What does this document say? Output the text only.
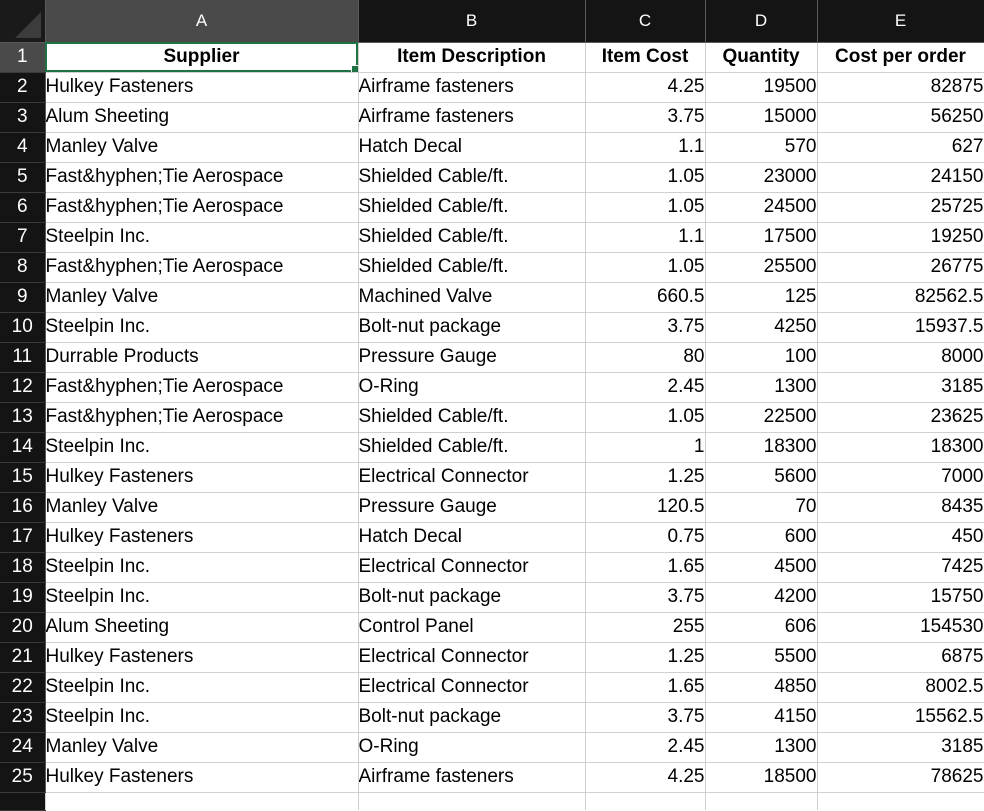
	A	B	C	D	E
1	Supplier	Item Description	Item Cost	Quantity	Cost per order
2	Hulkey Fasteners	Airframe fasteners	4.25	19500	82875
3	Alum Sheeting	Airframe fasteners	3.75	15000	56250
4	Manley Valve	Hatch Decal	1.1	570	627
5	Fast&hyphen;Tie Aerospace	Shielded Cable/ft.	1.05	23000	24150
6	Fast&hyphen;Tie Aerospace	Shielded Cable/ft.	1.05	24500	25725
7	Steelpin Inc.	Shielded Cable/ft.	1.1	17500	19250
8	Fast&hyphen;Tie Aerospace	Shielded Cable/ft.	1.05	25500	26775
9	Manley Valve	Machined Valve	660.5	125	82562.5
10	Steelpin Inc.	Bolt-nut package	3.75	4250	15937.5
11	Durrable Products	Pressure Gauge	80	100	8000
12	Fast&hyphen;Tie Aerospace	O-Ring	2.45	1300	3185
13	Fast&hyphen;Tie Aerospace	Shielded Cable/ft.	1.05	22500	23625
14	Steelpin Inc.	Shielded Cable/ft.	1	18300	18300
15	Hulkey Fasteners	Electrical Connector	1.25	5600	7000
16	Manley Valve	Pressure Gauge	120.5	70	8435
17	Hulkey Fasteners	Hatch Decal	0.75	600	450
18	Steelpin Inc.	Electrical Connector	1.65	4500	7425
19	Steelpin Inc.	Bolt-nut package	3.75	4200	15750
20	Alum Sheeting	Control Panel	255	606	154530
21	Hulkey Fasteners	Electrical Connector	1.25	5500	6875
22	Steelpin Inc.	Electrical Connector	1.65	4850	8002.5
23	Steelpin Inc.	Bolt-nut package	3.75	4150	15562.5
24	Manley Valve	O-Ring	2.45	1300	3185
25	Hulkey Fasteners	Airframe fasteners	4.25	18500	78625
